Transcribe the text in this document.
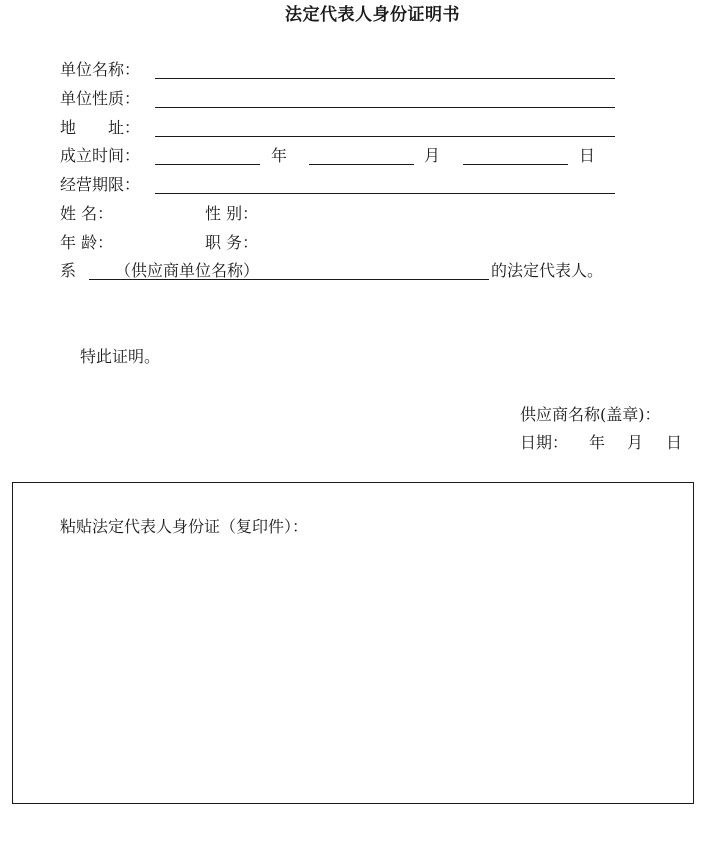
法定代表人身份证明书
单位名称：
单位性质：
地　　址：
成立时间：	年	月	日
经营期限：
姓 名：	性 别：
年 龄：	职 务：
系 （供应商单位名称）	的法定代表人。
特此证明。
供应商名称(盖章)：
日期： 年 月 日
粘贴法定代表人身份证（复印件）：
